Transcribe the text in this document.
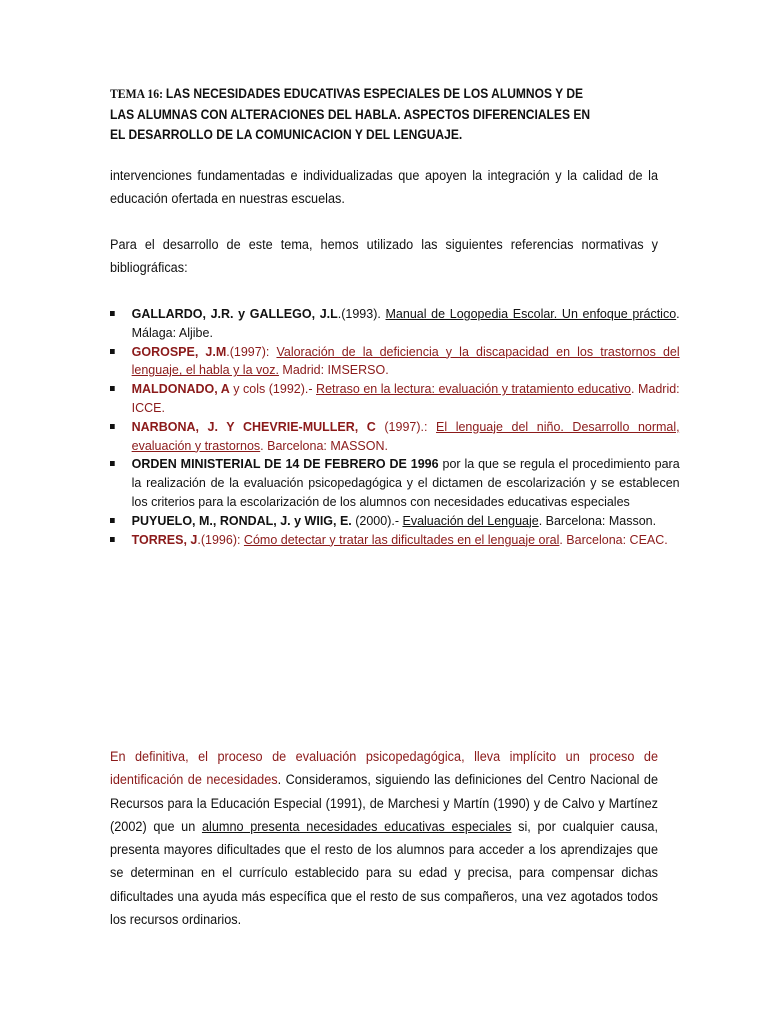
TEMA 16: LAS NECESIDADES EDUCATIVAS ESPECIALES DE LOS ALUMNOS Y DE LAS ALUMNAS CON ALTERACIONES DEL HABLA. ASPECTOS DIFERENCIALES EN EL DESARROLLO DE LA COMUNICACION Y DEL LENGUAJE.

intervenciones fundamentadas e individualizadas que apoyen la integración y la calidad de la educación ofertada en nuestras escuelas.

Para el desarrollo de este tema, hemos utilizado las siguientes referencias normativas y bibliográficas:

GALLARDO, J.R. y GALLEGO, J.L.(1993). Manual de Logopedia Escolar. Un enfoque práctico. Málaga: Aljibe.
GOROSPE, J.M.(1997): Valoración de la deficiencia y la discapacidad en los trastornos del lenguaje, el habla y la voz. Madrid: IMSERSO.
MALDONADO, A y cols (1992).- Retraso en la lectura: evaluación y tratamiento educativo. Madrid: ICCE.
NARBONA, J. Y CHEVRIE-MULLER, C (1997).: El lenguaje del niño. Desarrollo normal, evaluación y trastornos. Barcelona: MASSON.
ORDEN MINISTERIAL DE 14 DE FEBRERO DE 1996 por la que se regula el procedimiento para la realización de la evaluación psicopedagógica y el dictamen de escolarización y se establecen los criterios para la escolarización de los alumnos con necesidades educativas especiales
PUYUELO, M., RONDAL, J. y WIIG, E. (2000).- Evaluación del Lenguaje. Barcelona: Masson.
TORRES, J.(1996): Cómo detectar y tratar las dificultades en el lenguaje oral. Barcelona: CEAC.

En definitiva, el proceso de evaluación psicopedagógica, lleva implícito un proceso de identificación de necesidades. Consideramos, siguiendo las definiciones del Centro Nacional de Recursos para la Educación Especial (1991), de Marchesi y Martín (1990) y de Calvo y Martínez (2002) que un alumno presenta necesidades educativas especiales si, por cualquier causa, presenta mayores dificultades que el resto de los alumnos para acceder a los aprendizajes que se determinan en el currículo establecido para su edad y precisa, para compensar dichas dificultades una ayuda más específica que el resto de sus compañeros, una vez agotados todos los recursos ordinarios.
